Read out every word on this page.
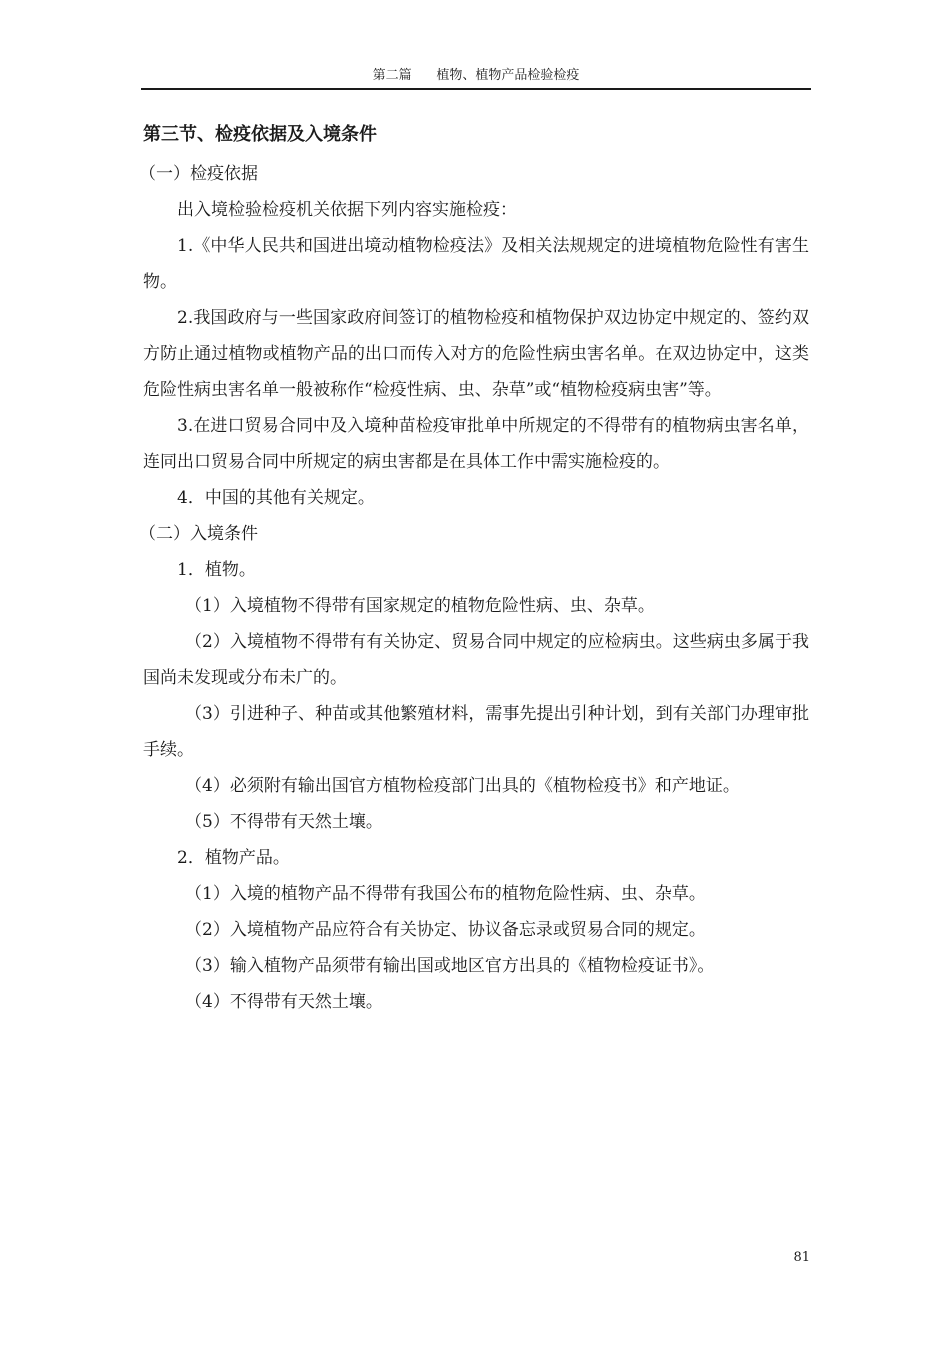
第二篇      植物、植物产品检验检疫
第三节、检疫依据及入境条件

（一）检疫依据

出入境检验检疫机关依据下列内容实施检疫：

1.《中华人民共和国进出境动植物检疫法》及相关法规规定的进境植物危险性有害生物。

2.我国政府与一些国家政府间签订的植物检疫和植物保护双边协定中规定的、签约双方防止通过植物或植物产品的出口而传入对方的危险性病虫害名单。在双边协定中，这类危险性病虫害名单一般被称作“检疫性病、虫、杂草”或“植物检疫病虫害”等。

3.在进口贸易合同中及入境种苗检疫审批单中所规定的不得带有的植物病虫害名单，连同出口贸易合同中所规定的病虫害都是在具体工作中需实施检疫的。

4．中国的其他有关规定。

（二）入境条件

1．植物。

（1）入境植物不得带有国家规定的植物危险性病、虫、杂草。

（2）入境植物不得带有有关协定、贸易合同中规定的应检病虫。这些病虫多属于我国尚未发现或分布未广的。

（3）引进种子、种苗或其他繁殖材料，需事先提出引种计划，到有关部门办理审批手续。

（4）必须附有输出国官方植物检疫部门出具的《植物检疫书》和产地证。

（5）不得带有天然土壤。

2．植物产品。

（1）入境的植物产品不得带有我国公布的植物危险性病、虫、杂草。

（2）入境植物产品应符合有关协定、协议备忘录或贸易合同的规定。

（3）输入植物产品须带有输出国或地区官方出具的《植物检疫证书》。

（4）不得带有天然土壤。

81
